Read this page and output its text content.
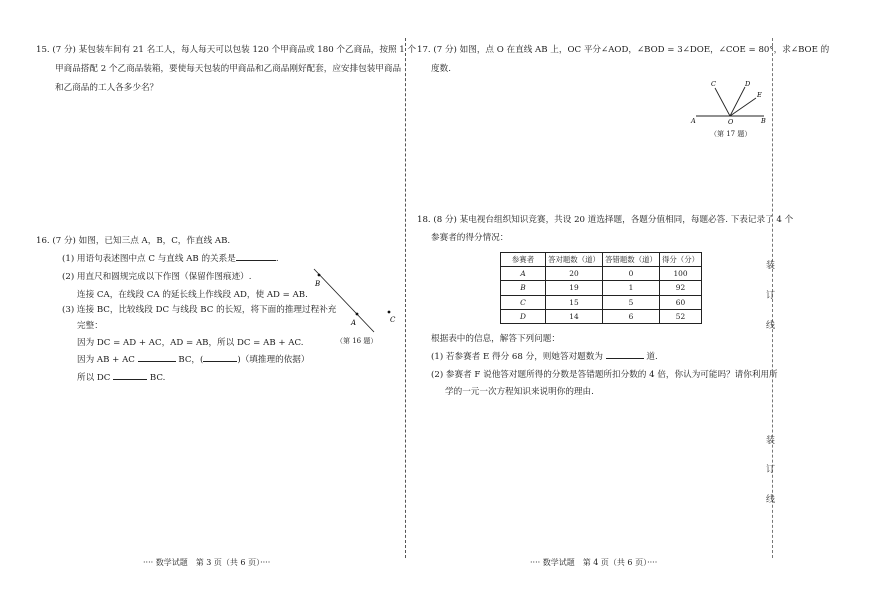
15. (7 分) 某包装车间有 21 名工人，每人每天可以包装 120 个甲商品或 180 个乙商品，按照 1 个
甲商品搭配 2 个乙商品装箱，要使每天包装的甲商品和乙商品刚好配套，应安排包装甲商品
和乙商品的工人各多少名？
16. (7 分) 如图，已知三点 A，B，C，作直线 AB.
(1) 用语句表述图中点 C 与直线 AB 的关系是	.
(2) 用直尺和圆规完成以下作图（保留作图痕迹）.
连接 CA，在线段 CA 的延长线上作线段 AD，使 AD = AB.
(3) 连接 BC，比较线段 DC 与线段 BC 的长短，将下面的推理过程补充
完整：
因为 DC = AD + AC，AD = AB，所以 DC = AB + AC.
因为 AB + AC	BC，(	)（填推理的依据）
所以 DC	BC.
B
A	C
（第 16 题）
···· 数学试题　第 3 页（共 6 页）····
17. (7 分) 如图，点 O 在直线 AB 上，OC 平分∠AOD，∠BOD = 3∠DOE，∠COE = 80°，求∠BOE 的
度数.
A	O	B
C	D
E
（第 17 题）
18. (8 分) 某电视台组织知识竞赛，共设 20 道选择题，各题分值相同，每题必答. 下表记录了 4 个
参赛者的得分情况：
参赛者	答对题数（道）	答错题数（道）	得分（分）
A	20	0	100
B	19	1	92
C	15	5	60
D	14	6	52
根据表中的信息，解答下列问题：
(1) 若参赛者 E 得分 68 分，则她答对题数为	道.
(2) 参赛者 F 说他答对题所得的分数是答错题所扣分数的 4 倍，你认为可能吗？请你利用所
学的一元一次方程知识来说明你的理由.
···· 数学试题　第 4 页（共 6 页）····
装
订
线
装
订
线
